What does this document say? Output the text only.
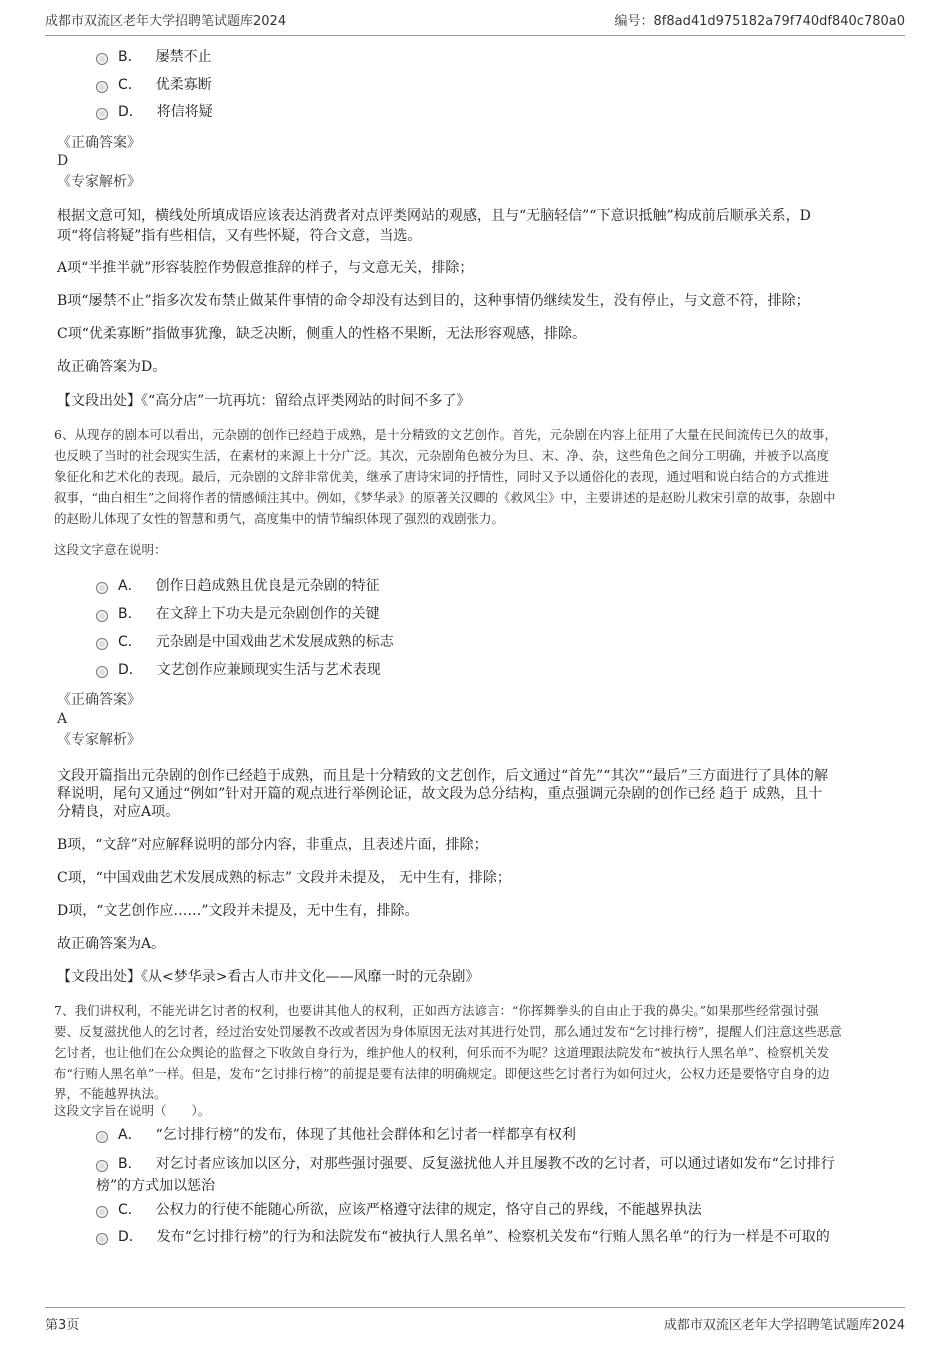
成都市双流区老年大学招聘笔试题库2024	编号：8f8ad41d975182a79f740df840c780a0
B． 屡禁不止
C． 优柔寡断
D． 将信将疑
《正确答案》
D
《专家解析》
根据文意可知，横线处所填成语应该表达消费者对点评类网站的观感，且与“无脑轻信”“下意识抵触”构成前后顺承关系，D
项“将信将疑”指有些相信，又有些怀疑，符合文意，当选。
A项“半推半就”形容装腔作势假意推辞的样子，与文意无关，排除；
B项“屡禁不止”指多次发布禁止做某件事情的命令却没有达到目的，这种事情仍继续发生，没有停止，与文意不符，排除；
C项“优柔寡断”指做事犹豫，缺乏决断，侧重人的性格不果断，无法形容观感，排除。
故正确答案为D。
【文段出处】《“高分店”一坑再坑：留给点评类网站的时间不多了》
6、从现存的剧本可以看出，元杂剧的创作已经趋于成熟，是十分精致的文艺创作。首先，元杂剧在内容上征用了大量在民间流传已久的故事，
也反映了当时的社会现实生活，在素材的来源上十分广泛。其次，元杂剧角色被分为旦、末、净、杂，这些角色之间分工明确，并被予以高度
象征化和艺术化的表现。最后，元杂剧的文辞非常优美，继承了唐诗宋词的抒情性，同时又予以通俗化的表现，通过唱和说白结合的方式推进
叙事，“曲白相生”之间将作者的情感倾注其中。例如，《梦华录》的原著关汉卿的《救风尘》中，主要讲述的是赵盼儿救宋引章的故事，杂剧中
的赵盼儿体现了女性的智慧和勇气，高度集中的情节编织体现了强烈的戏剧张力。
这段文字意在说明：
A． 创作日趋成熟且优良是元杂剧的特征
B． 在文辞上下功夫是元杂剧创作的关键
C． 元杂剧是中国戏曲艺术发展成熟的标志
D． 文艺创作应兼顾现实生活与艺术表现
《正确答案》
A
《专家解析》
文段开篇指出元杂剧的创作已经趋于成熟，而且是十分精致的文艺创作，后文通过“首先”“其次”“最后”三方面进行了具体的解
释说明，尾句又通过“例如”针对开篇的观点进行举例论证，故文段为总分结构，重点强调元杂剧的创作已经 趋于 成熟，且十
分精良，对应A项。
B项，“文辞”对应解释说明的部分内容，非重点，且表述片面，排除；
C项，“中国戏曲艺术发展成熟的标志” 文段并未提及， 无中生有，排除；
D项，“文艺创作应……”文段并未提及，无中生有，排除。
故正确答案为A。
【文段出处】《从<梦华录>看古人市井文化——风靡一时的元杂剧》
7、我们讲权利，不能光讲乞讨者的权利，也要讲其他人的权利，正如西方法谚言：“你挥舞拳头的自由止于我的鼻尖。”如果那些经常强讨强
要、反复滋扰他人的乞讨者，经过治安处罚屡教不改或者因为身体原因无法对其进行处罚，那么通过发布“乞讨排行榜”，提醒人们注意这些恶意
乞讨者，也让他们在公众舆论的监督之下收敛自身行为，维护他人的权利，何乐而不为呢？这道理跟法院发布“被执行人黑名单”、检察机关发
布“行贿人黑名单”一样。但是，发布“乞讨排行榜”的前提是要有法律的明确规定。即便这些乞讨者行为如何过火，公权力还是要恪守自身的边
界，不能越界执法。
这段文字旨在说明（　　）。
A． “乞讨排行榜”的发布，体现了其他社会群体和乞讨者一样都享有权利
B． 对乞讨者应该加以区分，对那些强讨强要、反复滋扰他人并且屡教不改的乞讨者，可以通过诸如发布“乞讨排行
榜”的方式加以惩治
C． 公权力的行使不能随心所欲，应该严格遵守法律的规定，恪守自己的界线，不能越界执法
D． 发布“乞讨排行榜”的行为和法院发布“被执行人黑名单”、检察机关发布“行贿人黑名单”的行为一样是不可取的
第3页	成都市双流区老年大学招聘笔试题库2024
